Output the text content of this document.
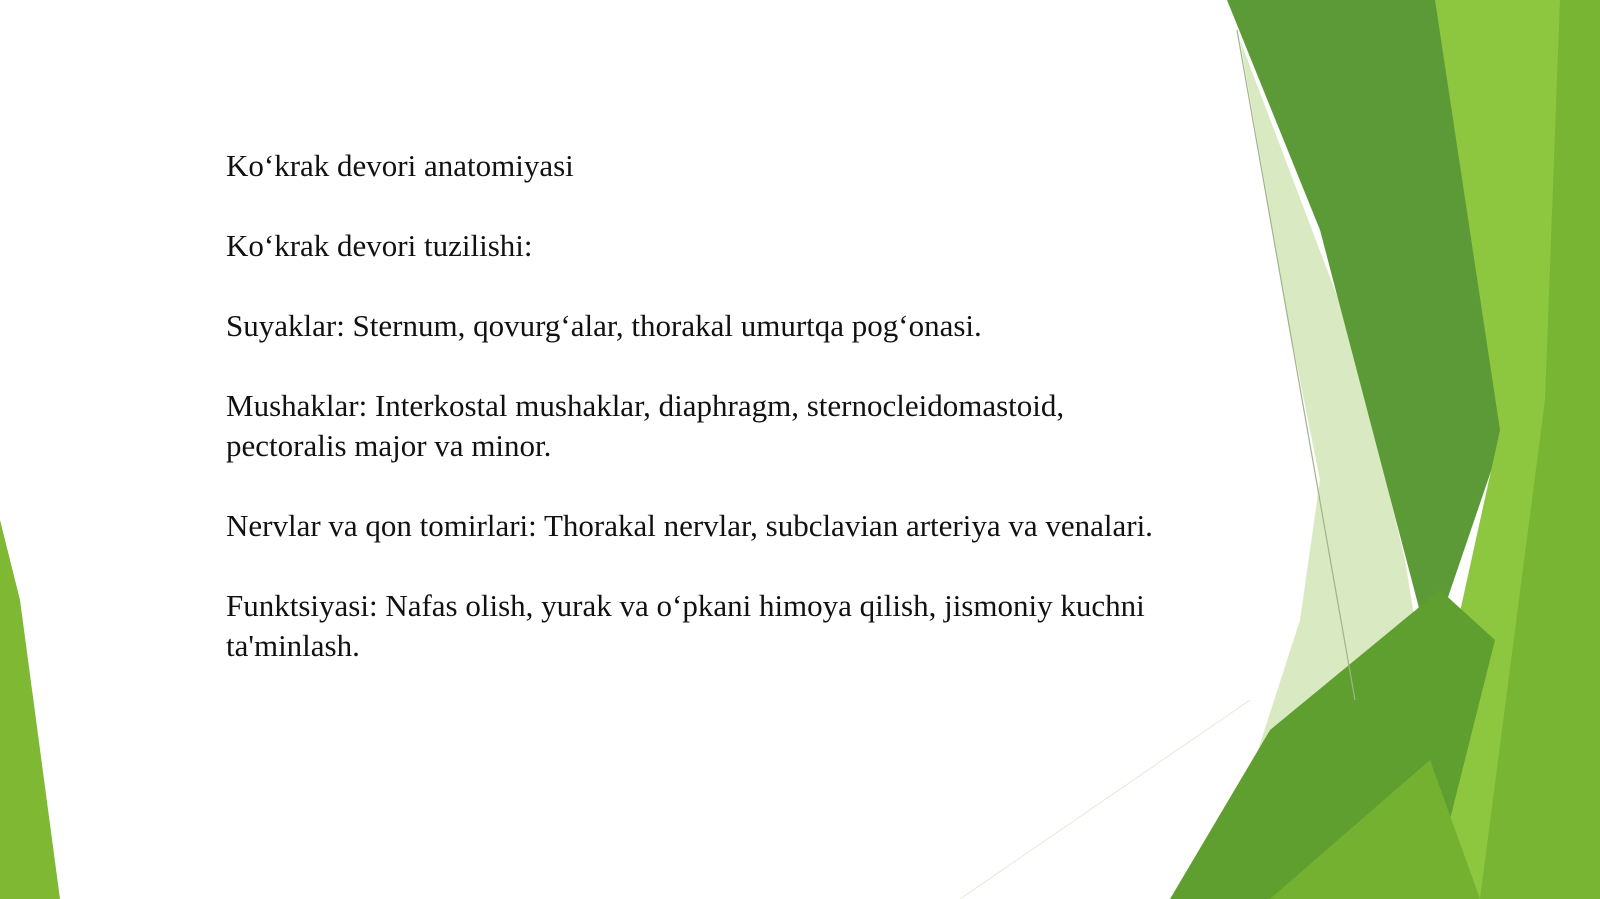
Ko‘krak devori anatomiyasi

Ko‘krak devori tuzilishi:

Suyaklar: Sternum, qovurg‘alar, thorakal umurtqa pog‘onasi.

Mushaklar: Interkostal mushaklar, diaphragm, sternocleidomastoid, pectoralis major va minor.

Nervlar va qon tomirlari: Thorakal nervlar, subclavian arteriya va venalari.

Funktsiyasi: Nafas olish, yurak va o‘pkani himoya qilish, jismoniy kuchni ta'minlash.
